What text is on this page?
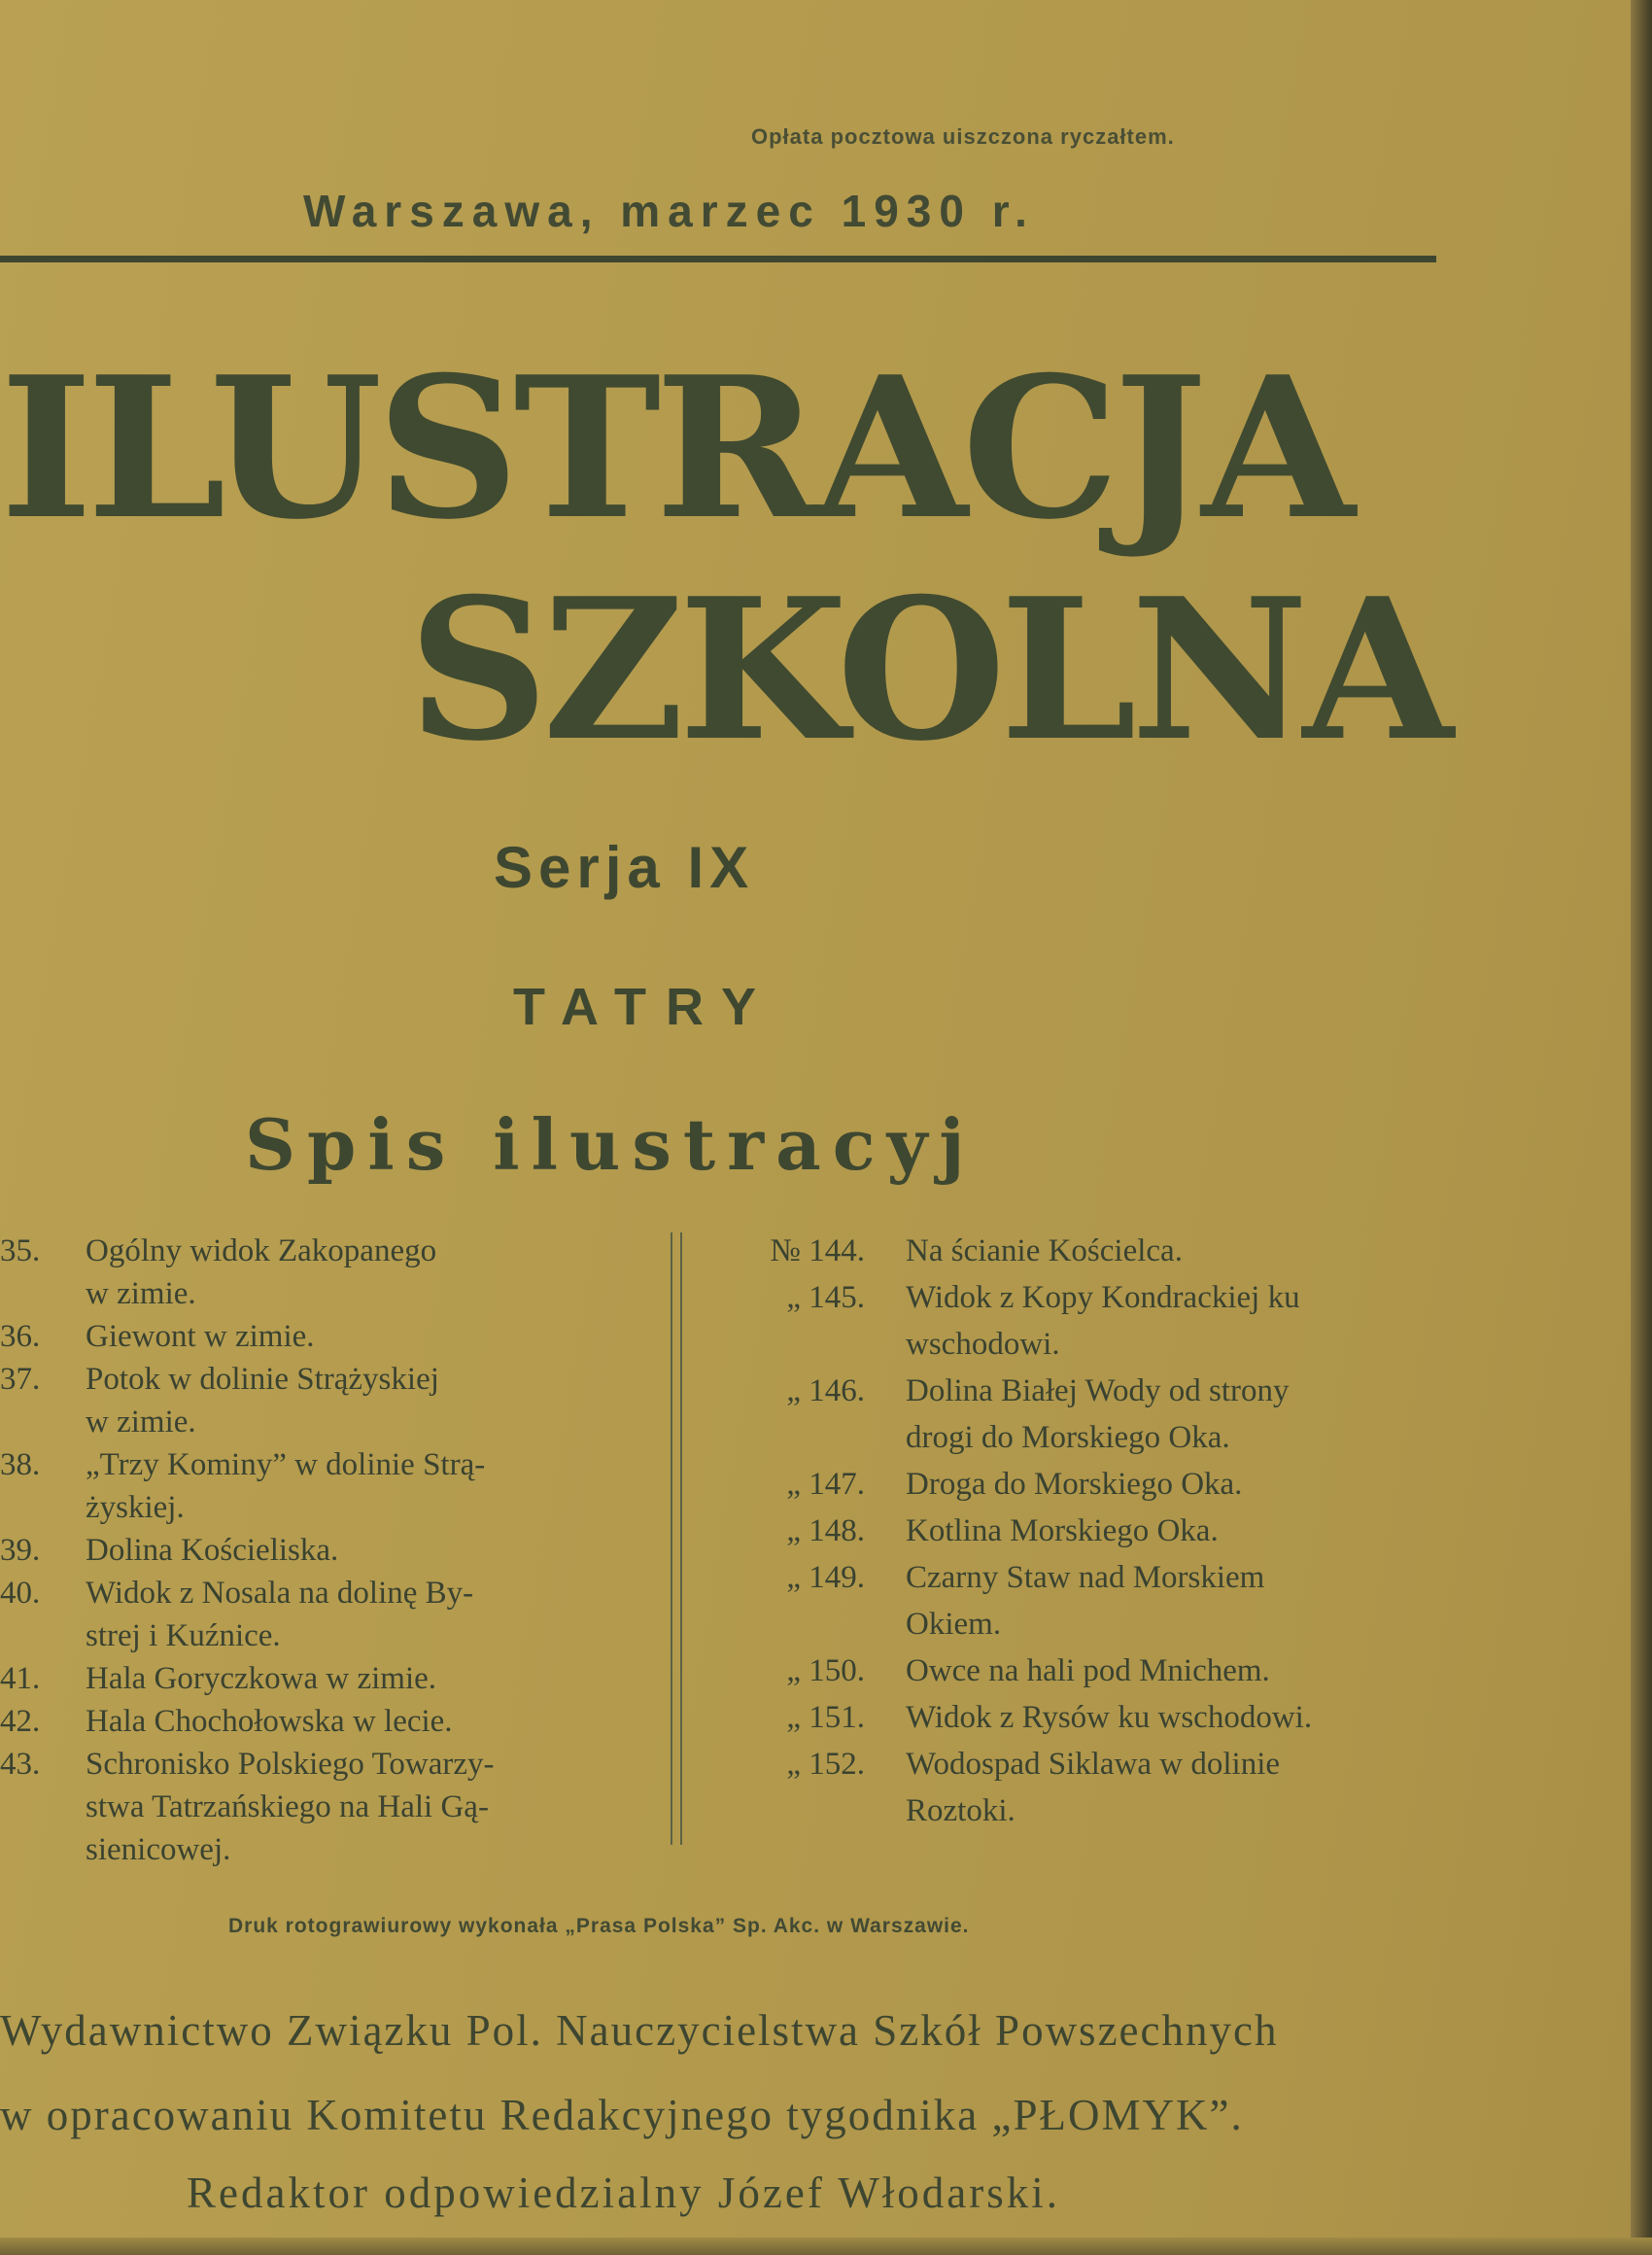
Opłata pocztowa uiszczona ryczałtem.
Warszawa, marzec 1930 r.
ILUSTRACJA
SZKOLNA
Serja IX
TATRY
Spis ilustracyj
35. Ogólny widok Zakopanego
w zimie.
36. Giewont w zimie.
37. Potok w dolinie Strążyskiej
w zimie.
38. „Trzy Kominy” w dolinie Strą-
żyskiej.
39. Dolina Kościeliska.
40. Widok z Nosala na dolinę By-
strej i Kuźnice.
41. Hala Goryczkowa w zimie.
42. Hala Chochołowska w lecie.
43. Schronisko Polskiego Towarzy-
stwa Tatrzańskiego na Hali Gą-
sienicowej.
№ 144. Na ścianie Kościelca.
„ 145. Widok z Kopy Kondrackiej ku
wschodowi.
„ 146. Dolina Białej Wody od strony
drogi do Morskiego Oka.
„ 147. Droga do Morskiego Oka.
„ 148. Kotlina Morskiego Oka.
„ 149. Czarny Staw nad Morskiem
Okiem.
„ 150. Owce na hali pod Mnichem.
„ 151. Widok z Rysów ku wschodowi.
„ 152. Wodospad Siklawa w dolinie
Roztoki.
Druk rotograwiurowy wykonała „Prasa Polska” Sp. Akc. w Warszawie.
Wydawnictwo Związku Pol. Nauczycielstwa Szkół Powszechnych
w opracowaniu Komitetu Redakcyjnego tygodnika „PŁOMYK”.
Redaktor odpowiedzialny Józef Włodarski.
